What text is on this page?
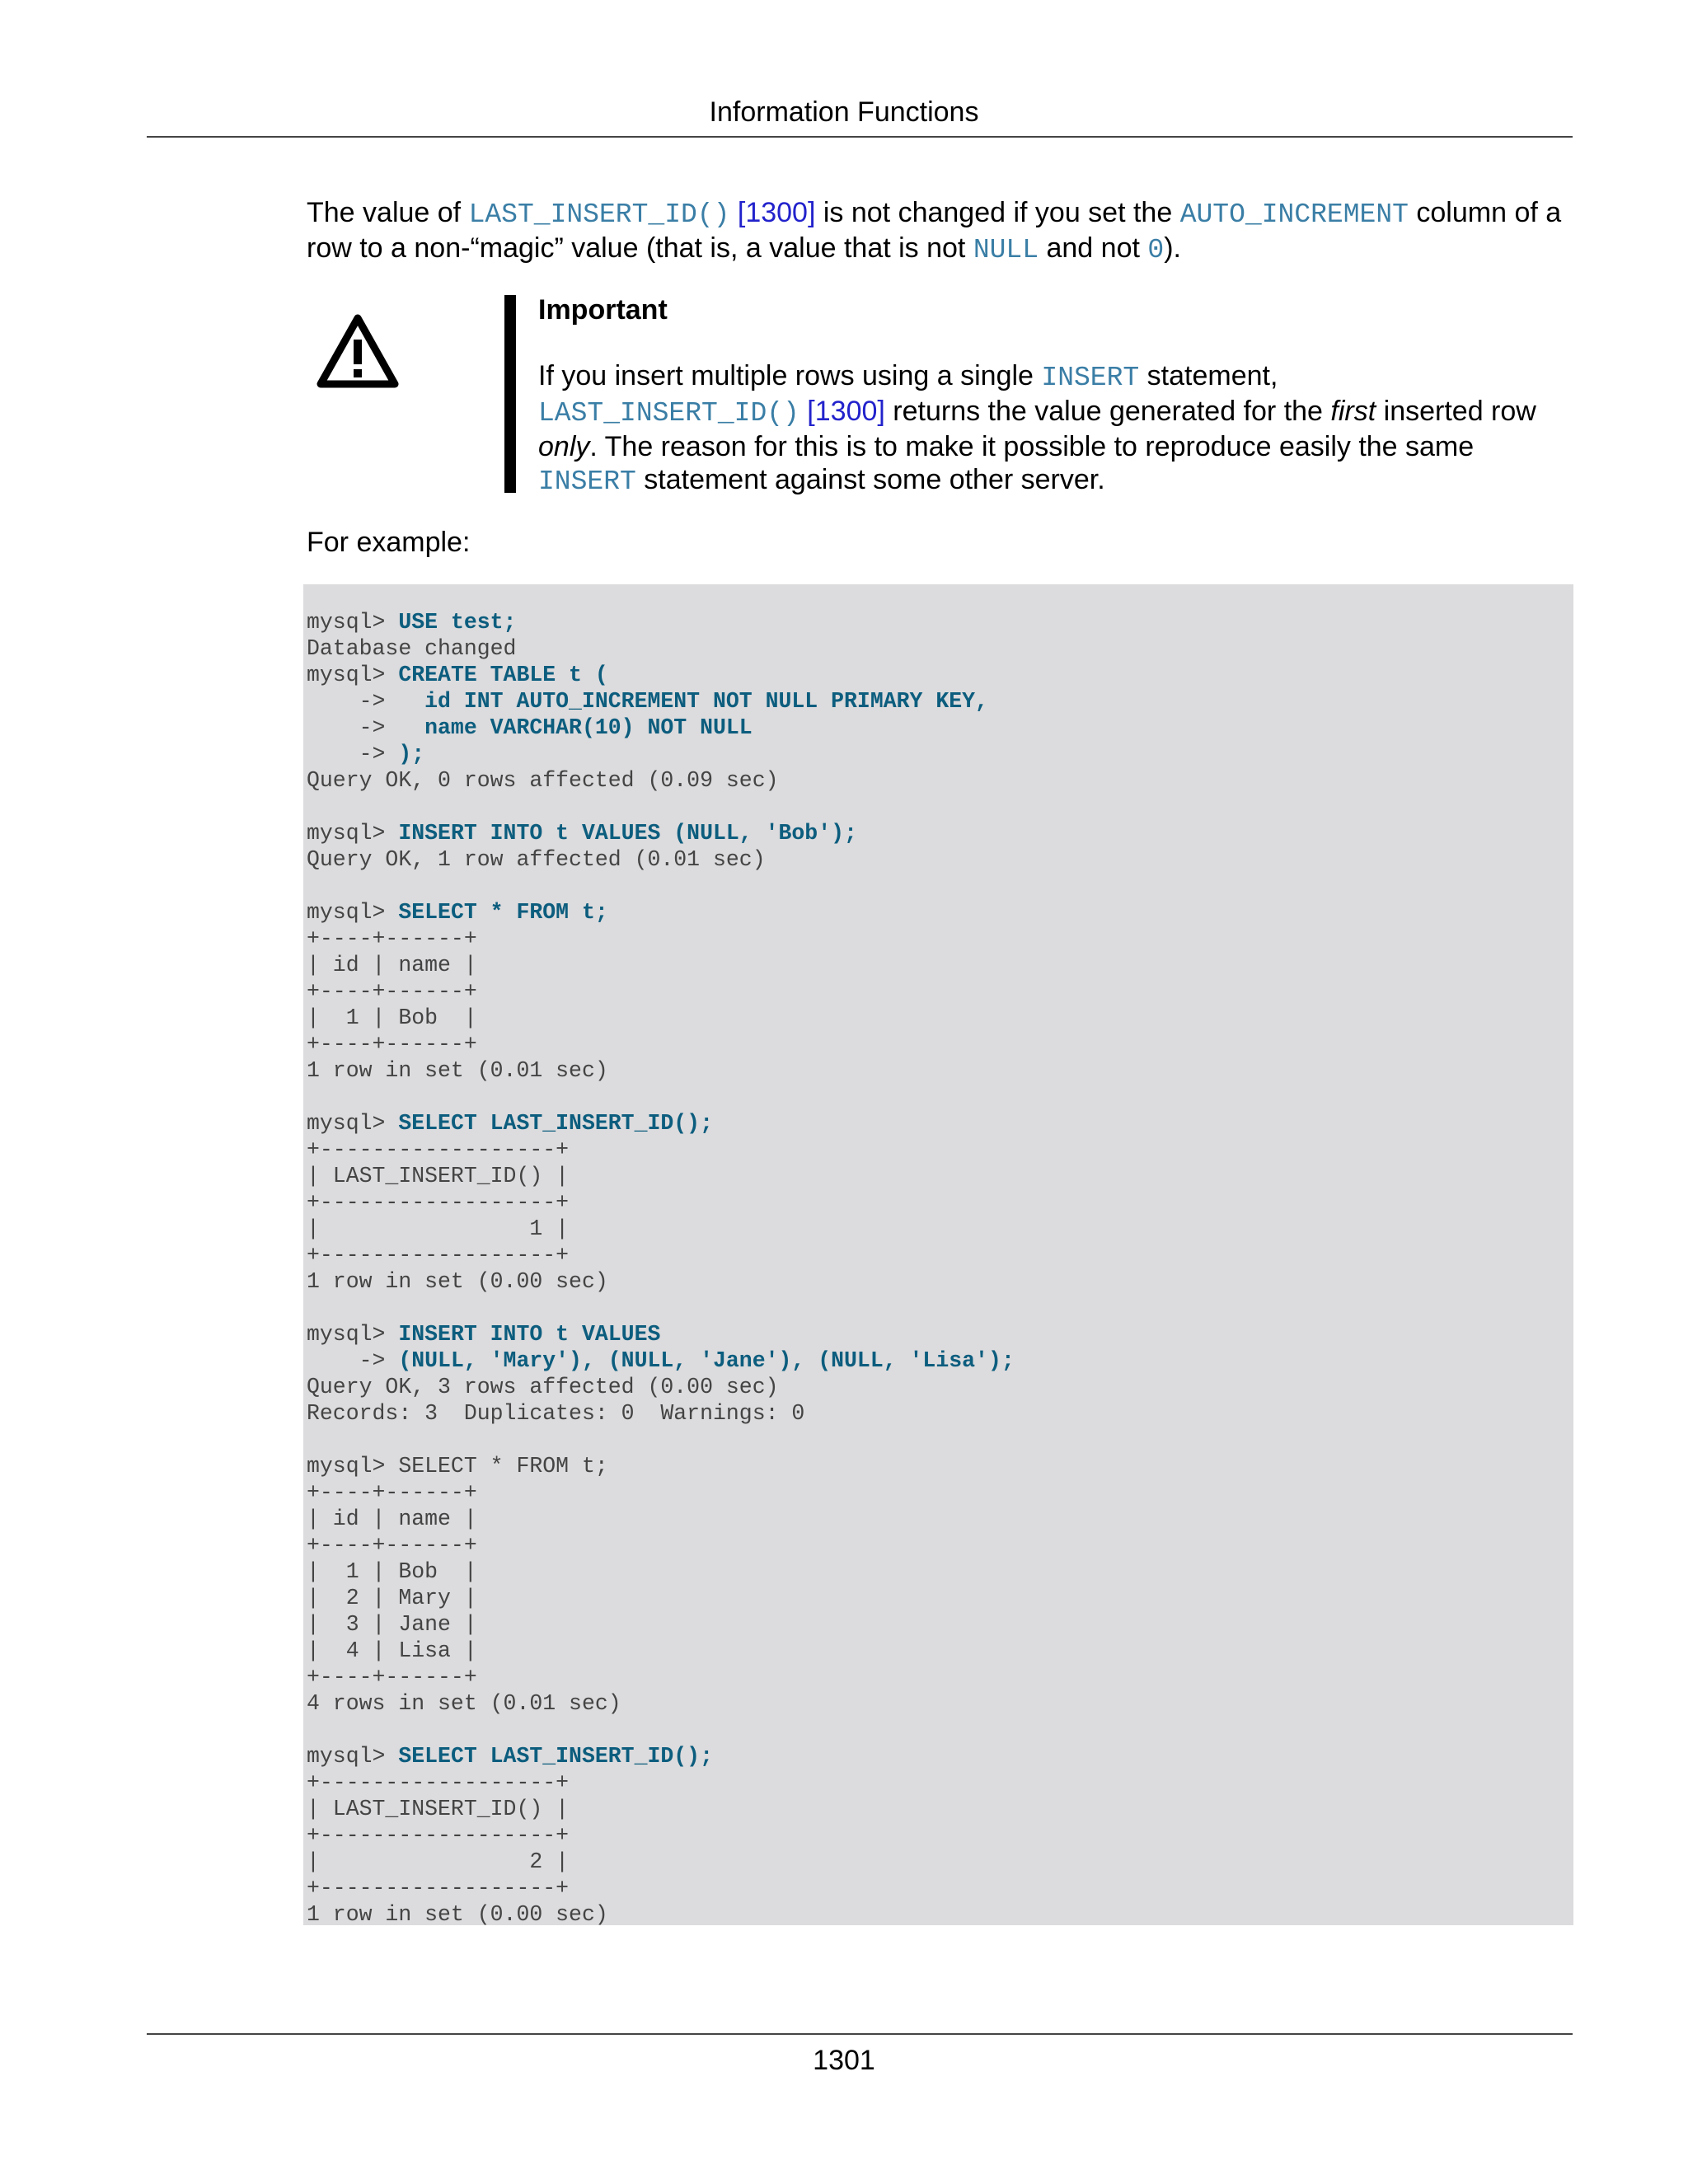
Information Functions
The value of LAST_INSERT_ID() [1300] is not changed if you set the AUTO_INCREMENT column of a row to a non-“magic” value (that is, a value that is not NULL and not 0).
Important
If you insert multiple rows using a single INSERT statement,
LAST_INSERT_ID() [1300] returns the value generated for the first inserted row only. The reason for this is to make it possible to reproduce easily the same INSERT statement against some other server.
For example:
mysql> USE test;
Database changed
mysql> CREATE TABLE t (
->   id INT AUTO_INCREMENT NOT NULL PRIMARY KEY,
->   name VARCHAR(10) NOT NULL
-> );
Query OK, 0 rows affected (0.09 sec)
mysql> INSERT INTO t VALUES (NULL, 'Bob');
Query OK, 1 row affected (0.01 sec)
mysql> SELECT * FROM t;
+----+------+
| id | name |
+----+------+
|  1 | Bob  |
+----+------+
1 row in set (0.01 sec)
mysql> SELECT LAST_INSERT_ID();
+------------------+
| LAST_INSERT_ID() |
+------------------+
|                1 |
+------------------+
1 row in set (0.00 sec)
mysql> INSERT INTO t VALUES
-> (NULL, 'Mary'), (NULL, 'Jane'), (NULL, 'Lisa');
Query OK, 3 rows affected (0.00 sec)
Records: 3  Duplicates: 0  Warnings: 0
mysql> SELECT * FROM t;
+----+------+
| id | name |
+----+------+
|  1 | Bob  |
|  2 | Mary |
|  3 | Jane |
|  4 | Lisa |
+----+------+
4 rows in set (0.01 sec)
mysql> SELECT LAST_INSERT_ID();
+------------------+
| LAST_INSERT_ID() |
+------------------+
|                2 |
+------------------+
1 row in set (0.00 sec)
1301
